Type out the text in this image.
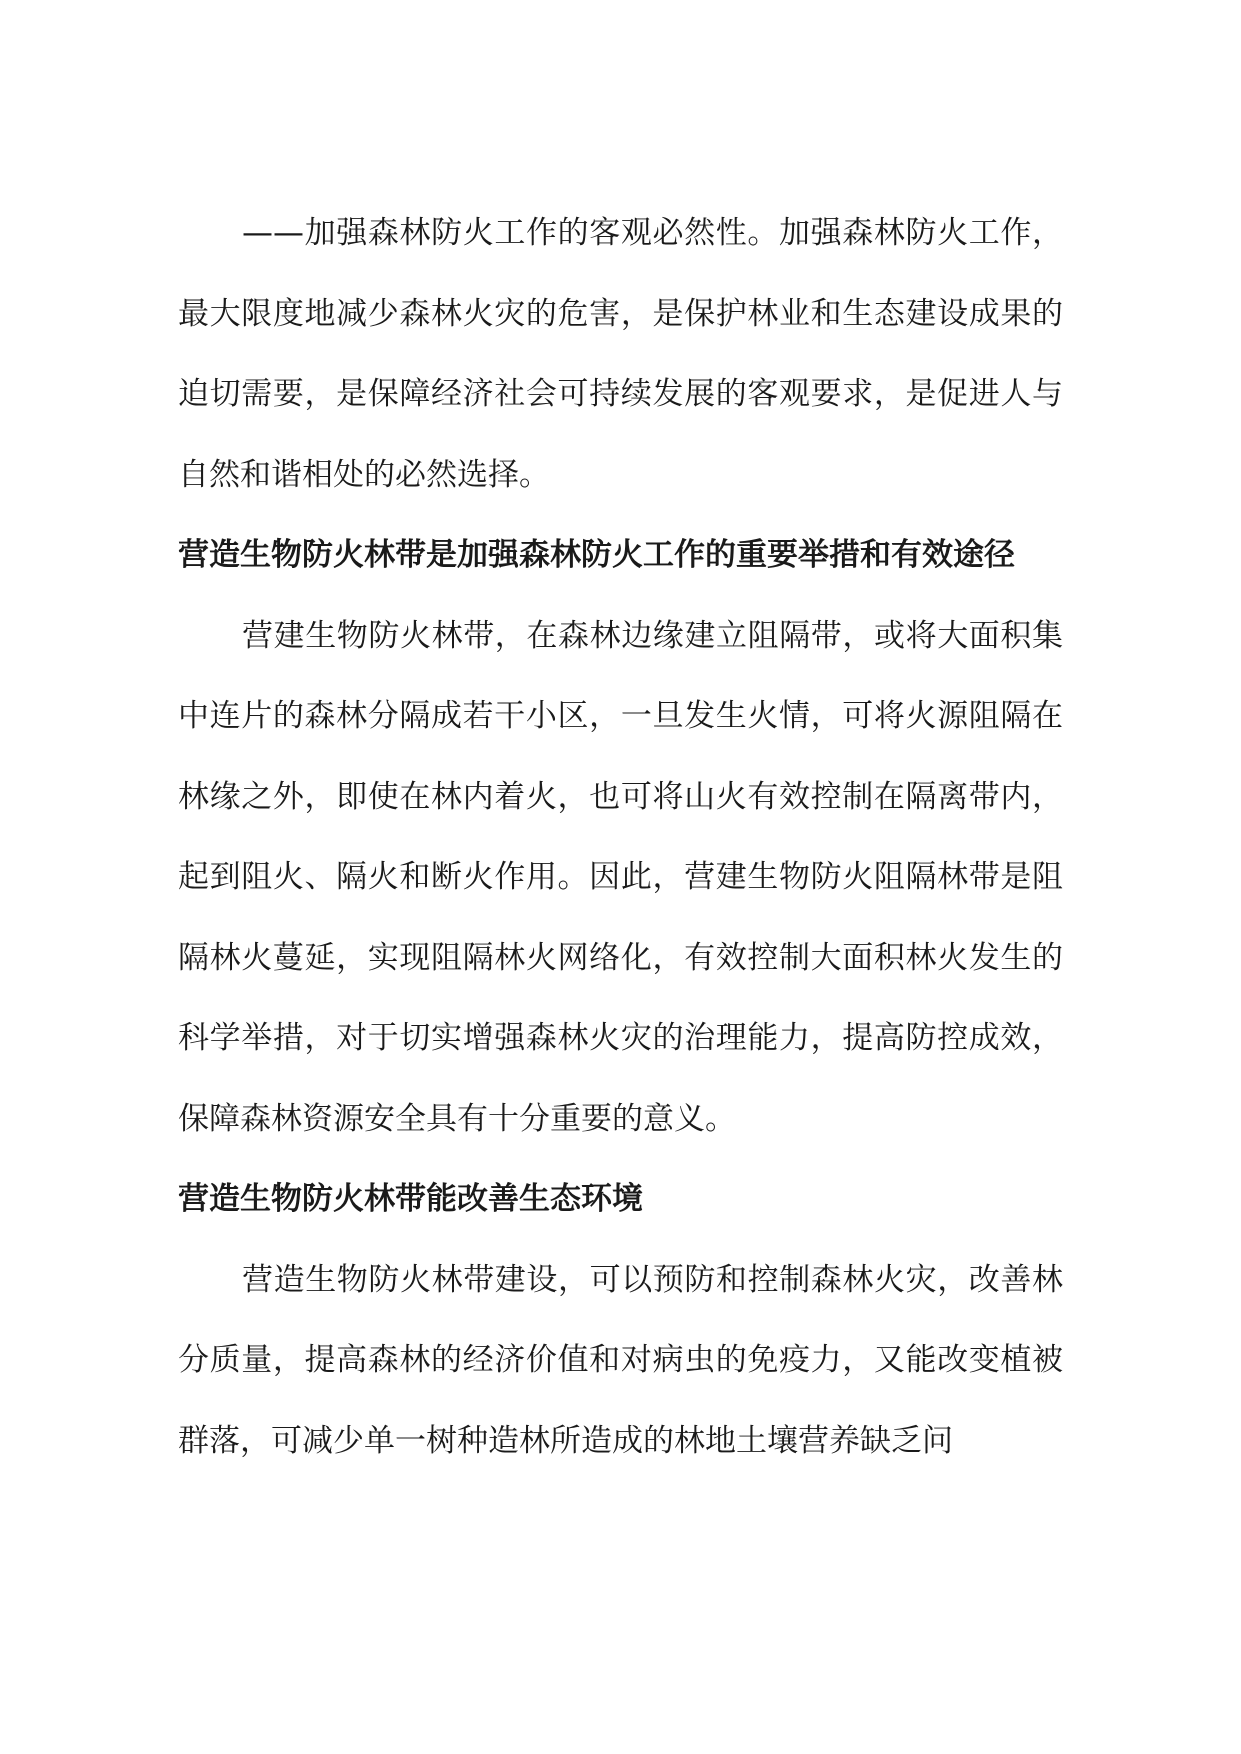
——加强森林防火工作的客观必然性。加强森林防火工作，最大限度地减少森林火灾的危害，是保护林业和生态建设成果的迫切需要，是保障经济社会可持续发展的客观要求，是促进人与自然和谐相处的必然选择。

营造生物防火林带是加强森林防火工作的重要举措和有效途径

营建生物防火林带，在森林边缘建立阻隔带，或将大面积集中连片的森林分隔成若干小区，一旦发生火情，可将火源阻隔在林缘之外，即使在林内着火，也可将山火有效控制在隔离带内，起到阻火、隔火和断火作用。因此，营建生物防火阻隔林带是阻隔林火蔓延，实现阻隔林火网络化，有效控制大面积林火发生的科学举措，对于切实增强森林火灾的治理能力，提高防控成效，保障森林资源安全具有十分重要的意义。

营造生物防火林带能改善生态环境

营造生物防火林带建设，可以预防和控制森林火灾，改善林分质量，提高森林的经济价值和对病虫的免疫力，又能改变植被群落，可减少单一树种造林所造成的林地土壤营养缺乏问
